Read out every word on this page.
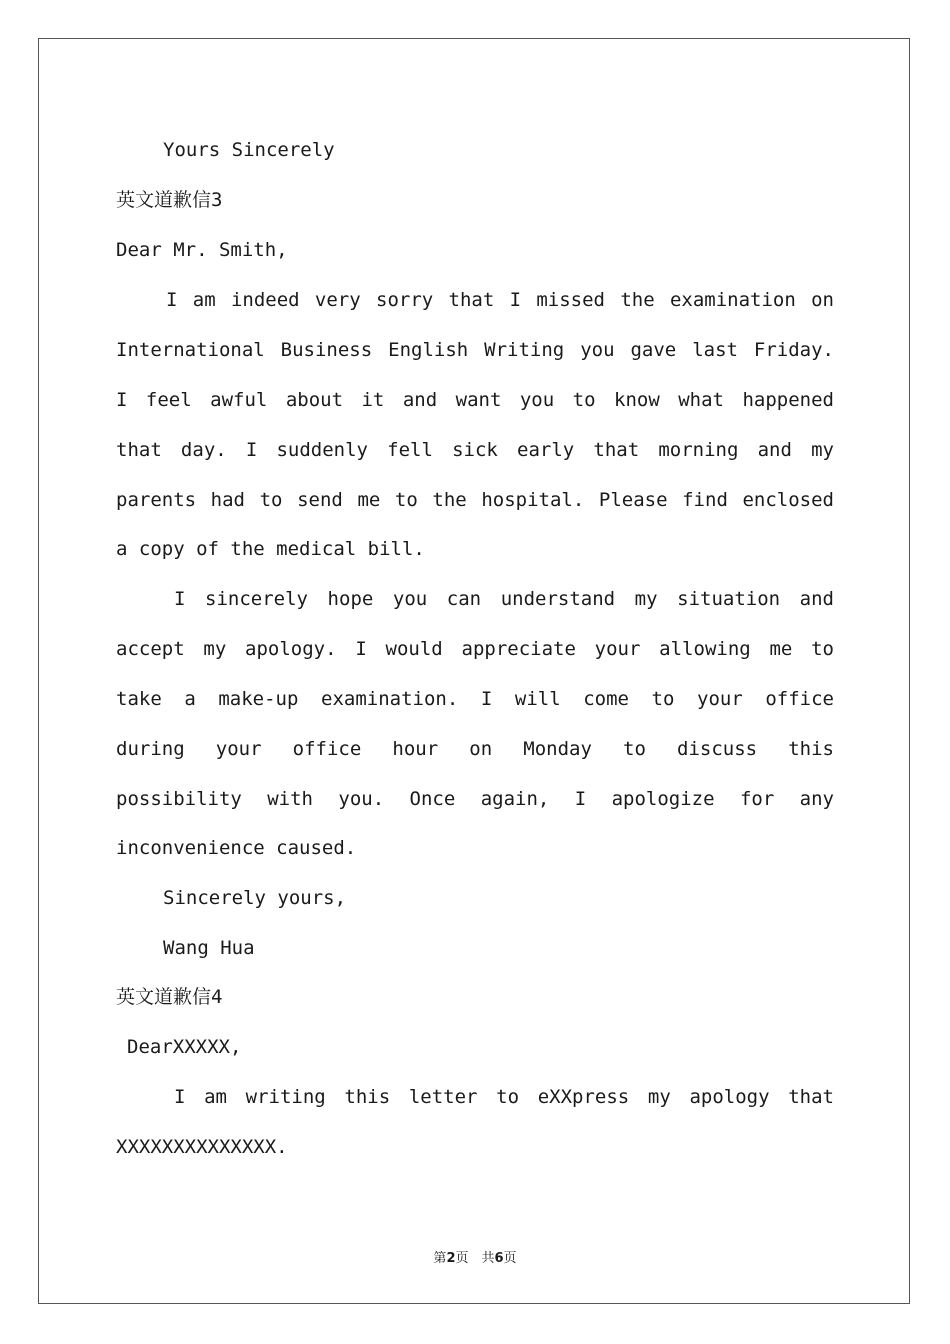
Yours Sincerely
英文道歉信3
Dear Mr. Smith,
I am indeed very sorry that I missed the examination on
International Business English Writing you gave last Friday.
I feel awful about it and want you to know what happened
that day. I suddenly fell sick early that morning and my
parents had to send me to the hospital. Please find enclosed
a copy of the medical bill.
I sincerely hope you can understand my situation and
accept my apology. I would appreciate your allowing me to
take a make-up examination. I will come to your office
during your office hour on Monday to discuss this
possibility with you. Once again, I apologize for any
inconvenience caused.
Sincerely yours,
Wang Hua
英文道歉信4
DearXXXXX,
I am writing this letter to eXXpress my apology that
XXXXXXXXXXXXXX.
第2页　共6页
